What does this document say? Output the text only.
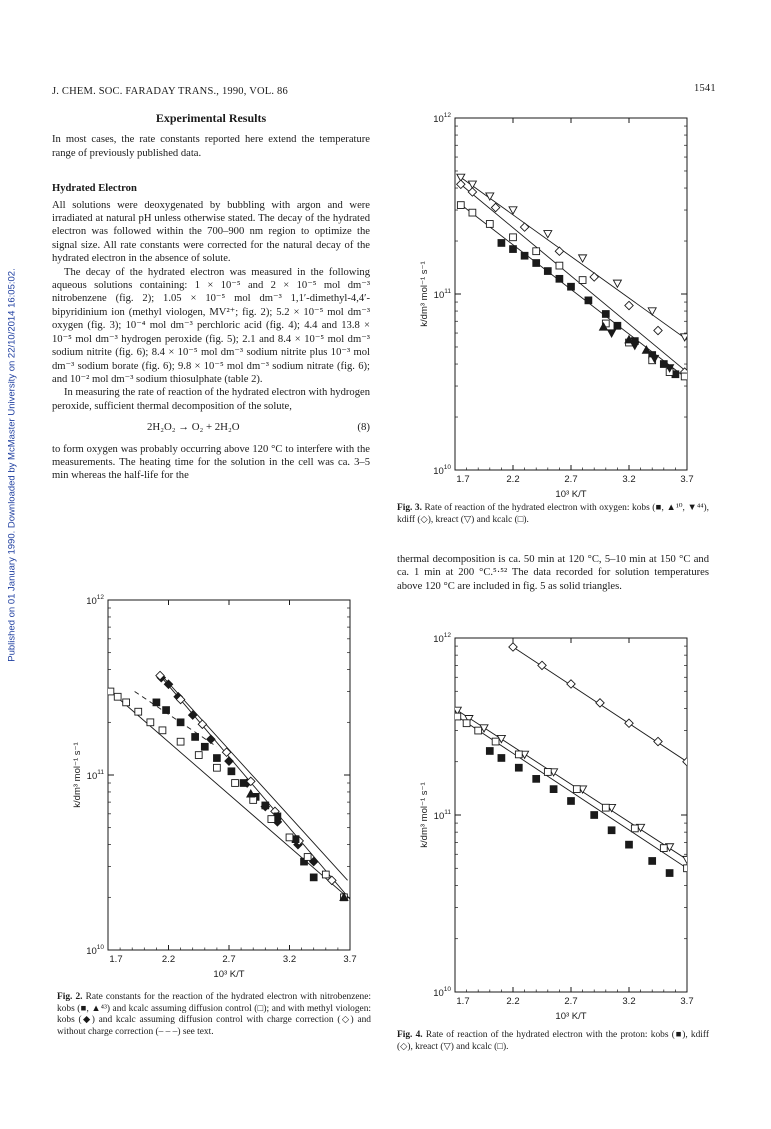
Published on 01 January 1990. Downloaded by McMaster University on 22/10/2014 16:05:02.
J. CHEM. SOC. FARADAY TRANS., 1990, VOL. 86	1541
Experimental Results

In most cases, the rate constants reported here extend the temperature range of previously published data.

Hydrated Electron

All solutions were deoxygenated by bubbling with argon and were irradiated at natural pH unless otherwise stated. The decay of the hydrated electron was followed within the 700–900 nm region to optimize the signal size. All rate constants were corrected for the natural decay of the hydrated electron in the absence of solute.

The decay of the hydrated electron was measured in the following aqueous solutions containing: 1 × 10⁻⁵ and 2 × 10⁻⁵ mol dm⁻³ nitrobenzene (fig. 2); 1.05 × 10⁻⁵ mol dm⁻³ 1,1′-dimethyl-4,4′-bipyridinium ion (methyl viologen, MV²⁺; fig. 2); 5.2 × 10⁻⁵ mol dm⁻³ oxygen (fig. 3); 10⁻⁴ mol dm⁻³ perchloric acid (fig. 4); 4.4 and 13.8 × 10⁻⁵ mol dm⁻³ hydrogen peroxide (fig. 5); 2.1 and 8.4 × 10⁻⁵ mol dm⁻³ sodium nitrite (fig. 6); 8.4 × 10⁻⁵ mol dm⁻³ sodium nitrite plus 10⁻³ mol dm⁻³ sodium borate (fig. 6); 9.8 × 10⁻⁵ mol dm⁻³ sodium nitrate (fig. 6); and 10⁻² mol dm⁻³ sodium thiosulphate (table 2).

In measuring the rate of reaction of the hydrated electron with hydrogen peroxide, sufficient thermal decomposition of the solute,

2H₂O₂ → O₂ + 2H₂O	(8)

to form oxygen was probably occurring above 120 °C to interfere with the measurements. The heating time for the solution in the cell was ca. 3–5 min whereas the half-life for the

thermal decomposition is ca. 50 min at 120 °C, 5–10 min at 150 °C and ca. 1 min at 200 °C.⁵·⁵² The data recorded for solution temperatures above 120 °C are included in fig. 5 as solid triangles.

1.7	2.2	2.7	3.2	3.7
$10^{12}$
$10^{11}$
$10^{10}$
10³ K/T
k/dm³ mol⁻¹ s⁻¹
1.7	2.2	2.7	3.2	3.7
$10^{12}$
$10^{11}$
$10^{10}$
10³ K/T
k/dm³ mol⁻¹ s⁻¹
1.7	2.2	2.7	3.2	3.7
$10^{12}$
$10^{11}$
$10^{10}$
10³ K/T
k/dm³ mol⁻¹ s⁻¹
Fig. 2. Rate constants for the reaction of the hydrated electron with nitrobenzene: kobs (■, ▲⁴³) and kcalc assuming diffusion control (□); and with methyl viologen: kobs (◆) and kcalc assuming diffusion control with charge correction (◇) and without charge correction (– – –) see text.
Fig. 3. Rate of reaction of the hydrated electron with oxygen: kobs (■, ▲¹⁰, ▼⁴⁴), kdiff (◇), kreact (▽) and kcalc (□).
Fig. 4. Rate of reaction of the hydrated electron with the proton: kobs (■), kdiff (◇), kreact (▽) and kcalc (□).
